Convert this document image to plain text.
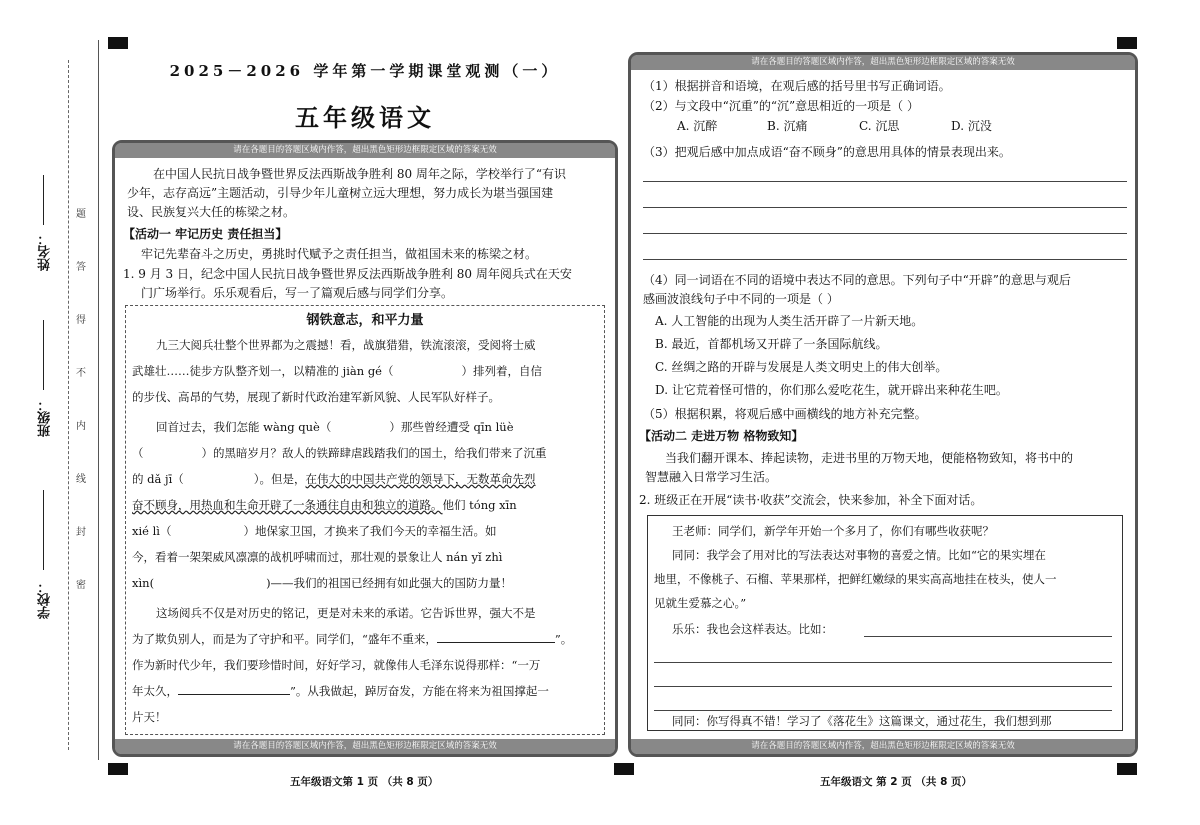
姓名：
班级：
学校：
题
答
得
不
内
线
封
密
2025－2026 学年第一学期课堂观测（一）
五年级语文
请在各题目的答题区域内作答，超出黑色矩形边框限定区域的答案无效
请在各题目的答题区域内作答，超出黑色矩形边框限定区域的答案无效
在中国人民抗日战争暨世界反法西斯战争胜利 80 周年之际，学校举行了“有识
少年，志存高远”主题活动，引导少年儿童树立远大理想，努力成长为堪当强国建
设、民族复兴大任的栋梁之材。
【活动一 牢记历史 责任担当】
牢记先辈奋斗之历史，勇挑时代赋予之责任担当，做祖国未来的栋梁之材。
1. 9 月 3 日，纪念中国人民抗日战争暨世界反法西斯战争胜利 80 周年阅兵式在天安
门广场举行。乐乐观看后，写一了篇观后感与同学们分享。
钢铁意志，和平力量
九三大阅兵壮整个世界都为之震撼！看，战旗猎猎，铁流滚滚，受阅将士威
武雄壮……徒步方队整齐划一，以精准的 jiàn gé（	）排列着，自信
的步伐、高昂的气势，展现了新时代政治建军新风貌、人民军队好样子。
回首过去，我们怎能 wàng què（	）那些曾经遭受 qīn lüè
（	）的黑暗岁月？敌人的铁蹄肆虐践踏我们的国土，给我们带来了沉重
的 dǎ jī（	）。但是，在伟大的中国共产党的领导下，无数革命先烈
奋不顾身，用热血和生命开辟了一条通往自由和独立的道路。他们 tóng xīn
xié lì（	）地保家卫国，才换来了我们今天的幸福生活。如
今，看着一架架威风凛凛的战机呼啸而过，那壮观的景象让人 nán yǐ zhì
xìn(	)——我们的祖国已经拥有如此强大的国防力量！
这场阅兵不仅是对历史的铭记，更是对未来的承诺。它告诉世界，强大不是
为了欺负别人，而是为了守护和平。同学们，“盛年不重来，	”。
作为新时代少年，我们要珍惜时间，好好学习，就像伟人毛泽东说得那样：“一万
年太久，	”。从我做起，踔厉奋发，方能在将来为祖国撑起一
片天！
请在各题目的答题区域内作答，超出黑色矩形边框限定区域的答案无效
请在各题目的答题区域内作答，超出黑色矩形边框限定区域的答案无效
（1）根据拼音和语境，在观后感的括号里书写正确词语。
（2）与文段中“沉重”的“沉”意思相近的一项是（ ）
A. 沉醉	B. 沉痛	C. 沉思	D. 沉没
（3）把观后感中加点成语“奋不顾身”的意思用具体的情景表现出来。
（4）同一词语在不同的语境中表达不同的意思。下列句子中“开辟”的意思与观后
感画波浪线句子中不同的一项是（ ）
A. 人工智能的出现为人类生活开辟了一片新天地。
B. 最近，首都机场又开辟了一条国际航线。
C. 丝绸之路的开辟与发展是人类文明史上的伟大创举。
D. 让它荒着怪可惜的，你们那么爱吃花生，就开辟出来种花生吧。
（5）根据积累，将观后感中画横线的地方补充完整。
【活动二 走进万物 格物致知】
当我们翻开课本、捧起读物，走进书里的万物天地，便能格物致知，将书中的
智慧融入日常学习生活。
2. 班级正在开展“读书·收获”交流会，快来参加，补全下面对话。
王老师：同学们，新学年开始一个多月了，你们有哪些收获呢？
同同：我学会了用对比的写法表达对事物的喜爱之情。比如“它的果实埋在
地里，不像桃子、石榴、苹果那样，把鲜红嫩绿的果实高高地挂在枝头，使人一
见就生爱慕之心。”
乐乐：我也会这样表达。比如：
同同：你写得真不错！学习了《落花生》这篇课文，通过花生，我们想到那
五年级语文第 1 页 （共 8 页）	五年级语文 第 2 页 （共 8 页）
